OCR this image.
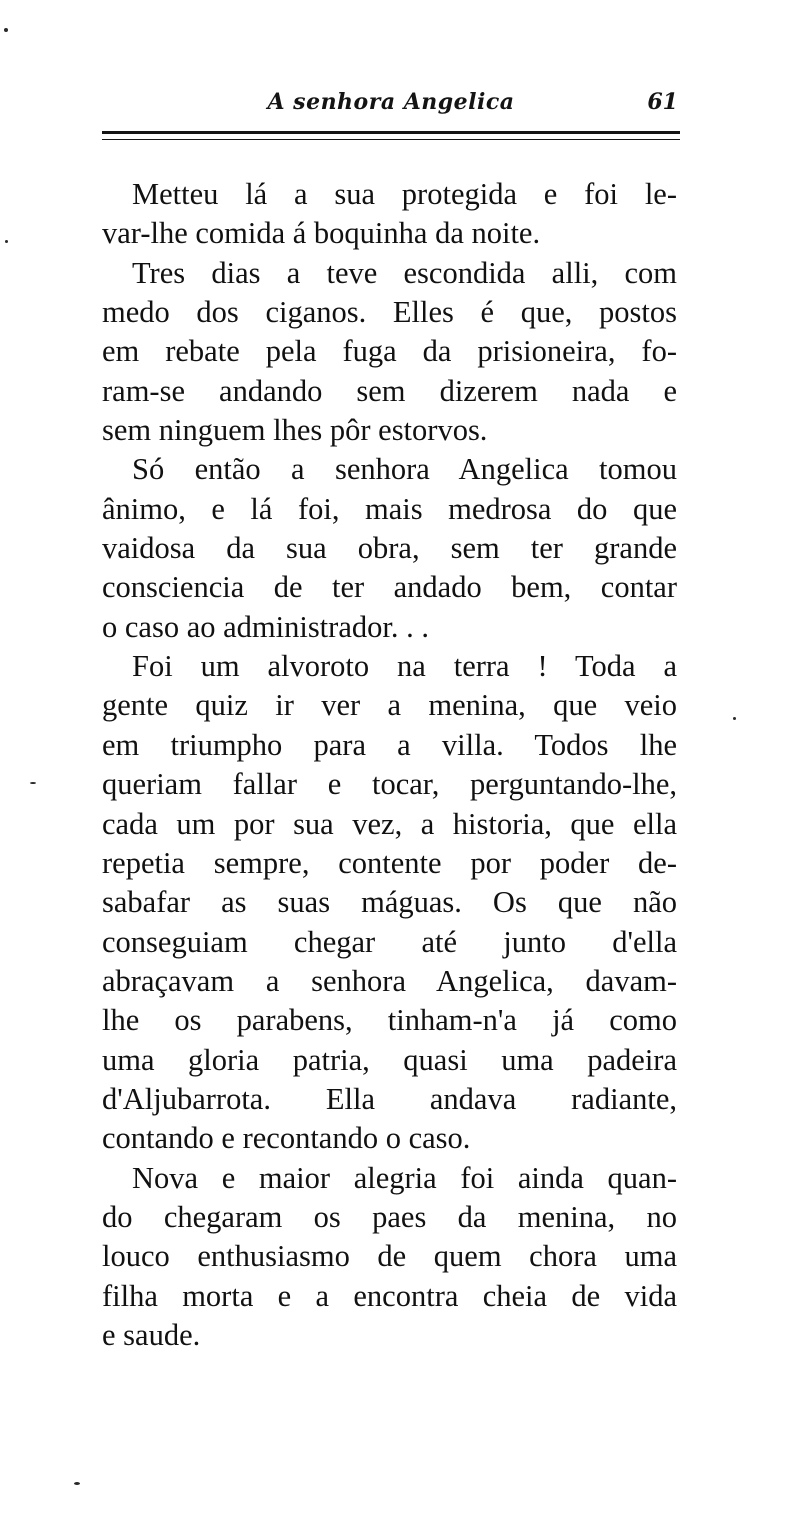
A senhora Angelica	61
Metteu lá a sua protegida e foi le-
var-lhe comida á boquinha da noite.
Tres dias a teve escondida alli, com
medo dos ciganos. Elles é que, postos
em rebate pela fuga da prisioneira, fo-
ram-se andando sem dizerem nada e
sem ninguem lhes pôr estorvos.
Só então a senhora Angelica tomou
ânimo, e lá foi, mais medrosa do que
vaidosa da sua obra, sem ter grande
consciencia de ter andado bem, contar
o caso ao administrador. . .
Foi um alvoroto na terra ! Toda a
gente quiz ir ver a menina, que veio
em triumpho para a villa. Todos lhe
queriam fallar e tocar, perguntando-lhe,
cada um por sua vez, a historia, que ella
repetia sempre, contente por poder de-
sabafar as suas máguas. Os que não
conseguiam chegar até junto d'ella
abraçavam a senhora Angelica, davam-
lhe os parabens, tinham-n'a já como
uma gloria patria, quasi uma padeira
d'Aljubarrota. Ella andava radiante,
contando e recontando o caso.
Nova e maior alegria foi ainda quan-
do chegaram os paes da menina, no
louco enthusiasmo de quem chora uma
filha morta e a encontra cheia de vida
e saude.
